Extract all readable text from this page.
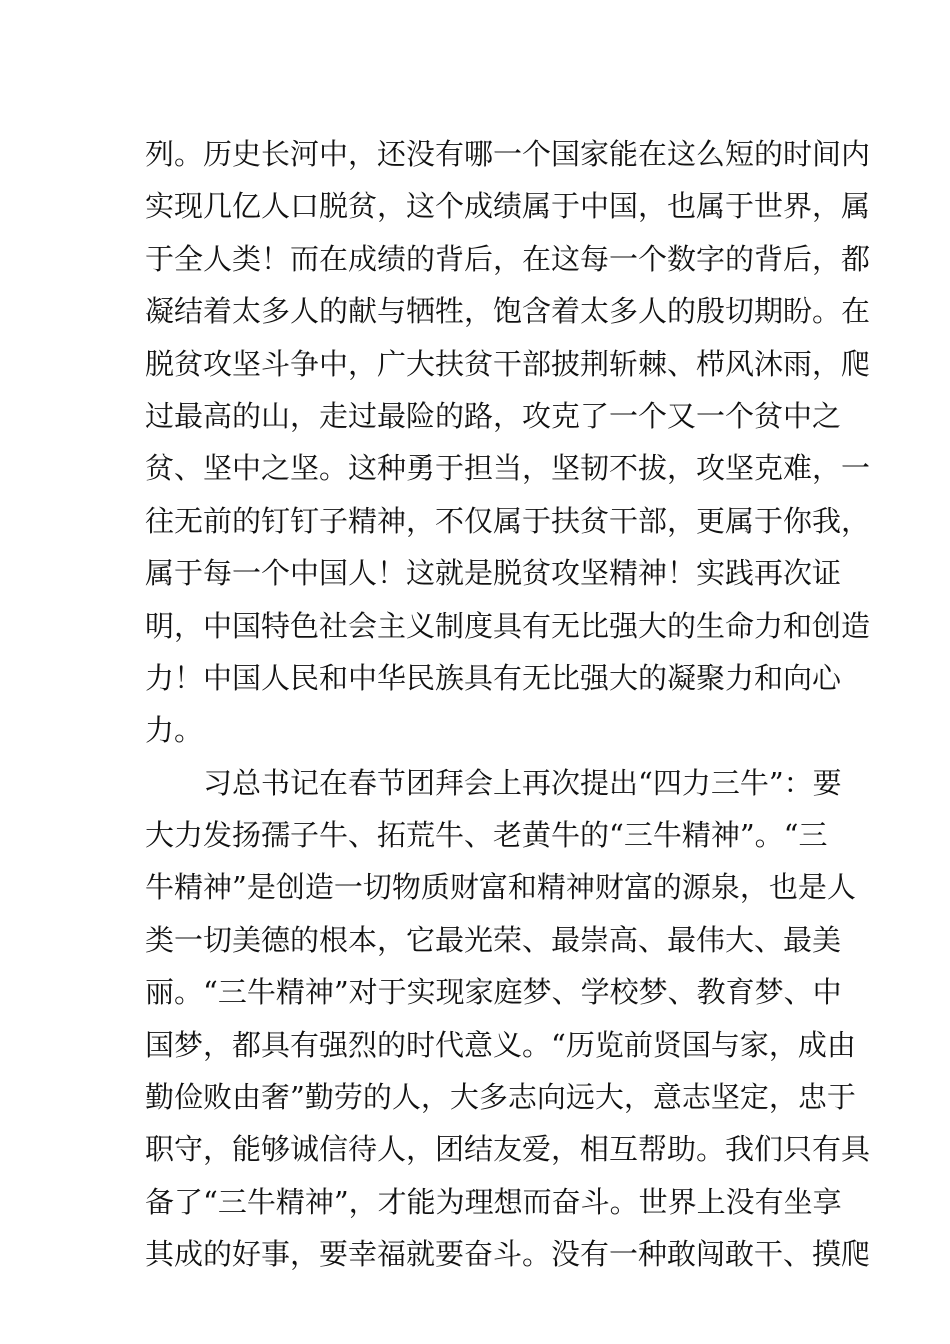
列。历史长河中，还没有哪一个国家能在这么短的时间内
实现几亿人口脱贫，这个成绩属于中国，也属于世界，属
于全人类！而在成绩的背后，在这每一个数字的背后，都
凝结着太多人的献与牺牲，饱含着太多人的殷切期盼。在
脱贫攻坚斗争中，广大扶贫干部披荆斩棘、栉风沐雨，爬
过最高的山，走过最险的路，攻克了一个又一个贫中之
贫、坚中之坚。这种勇于担当，坚韧不拔，攻坚克难，一
往无前的钉钉子精神，不仅属于扶贫干部，更属于你我，
属于每一个中国人！这就是脱贫攻坚精神！实践再次证
明，中国特色社会主义制度具有无比强大的生命力和创造
力！中国人民和中华民族具有无比强大的凝聚力和向心
力。
习总书记在春节团拜会上再次提出“四力三牛”：要
大力发扬孺子牛、拓荒牛、老黄牛的“三牛精神”。“三
牛精神”是创造一切物质财富和精神财富的源泉，也是人
类一切美德的根本，它最光荣、最崇高、最伟大、最美
丽。“三牛精神”对于实现家庭梦、学校梦、教育梦、中
国梦，都具有强烈的时代意义。“历览前贤国与家，成由
勤俭败由奢”勤劳的人，大多志向远大，意志坚定，忠于
职守，能够诚信待人，团结友爱，相互帮助。我们只有具
备了“三牛精神”，才能为理想而奋斗。世界上没有坐享
其成的好事，要幸福就要奋斗。没有一种敢闯敢干、摸爬
